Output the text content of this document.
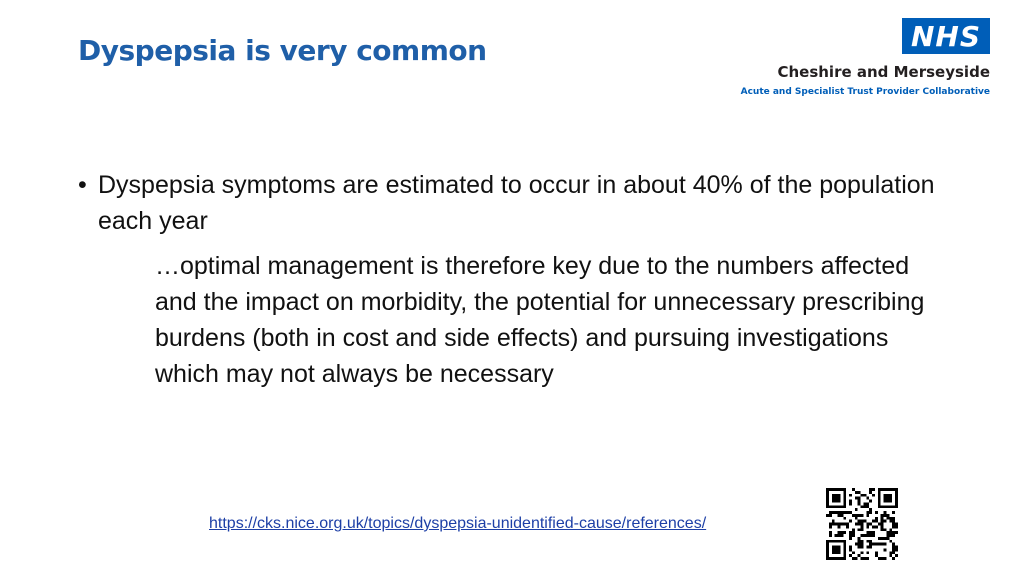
Dyspepsia is very common	NHS
Cheshire and Merseyside
Acute and Specialist Trust Provider Collaborative

• Dyspepsia symptoms are estimated to occur in about 40% of the population each year

…optimal management is therefore key due to the numbers affected and the impact on morbidity, the potential for unnecessary prescribing burdens (both in cost and side effects) and pursuing investigations which may not always be necessary

https://cks.nice.org.uk/topics/dyspepsia-unidentified-cause/references/
